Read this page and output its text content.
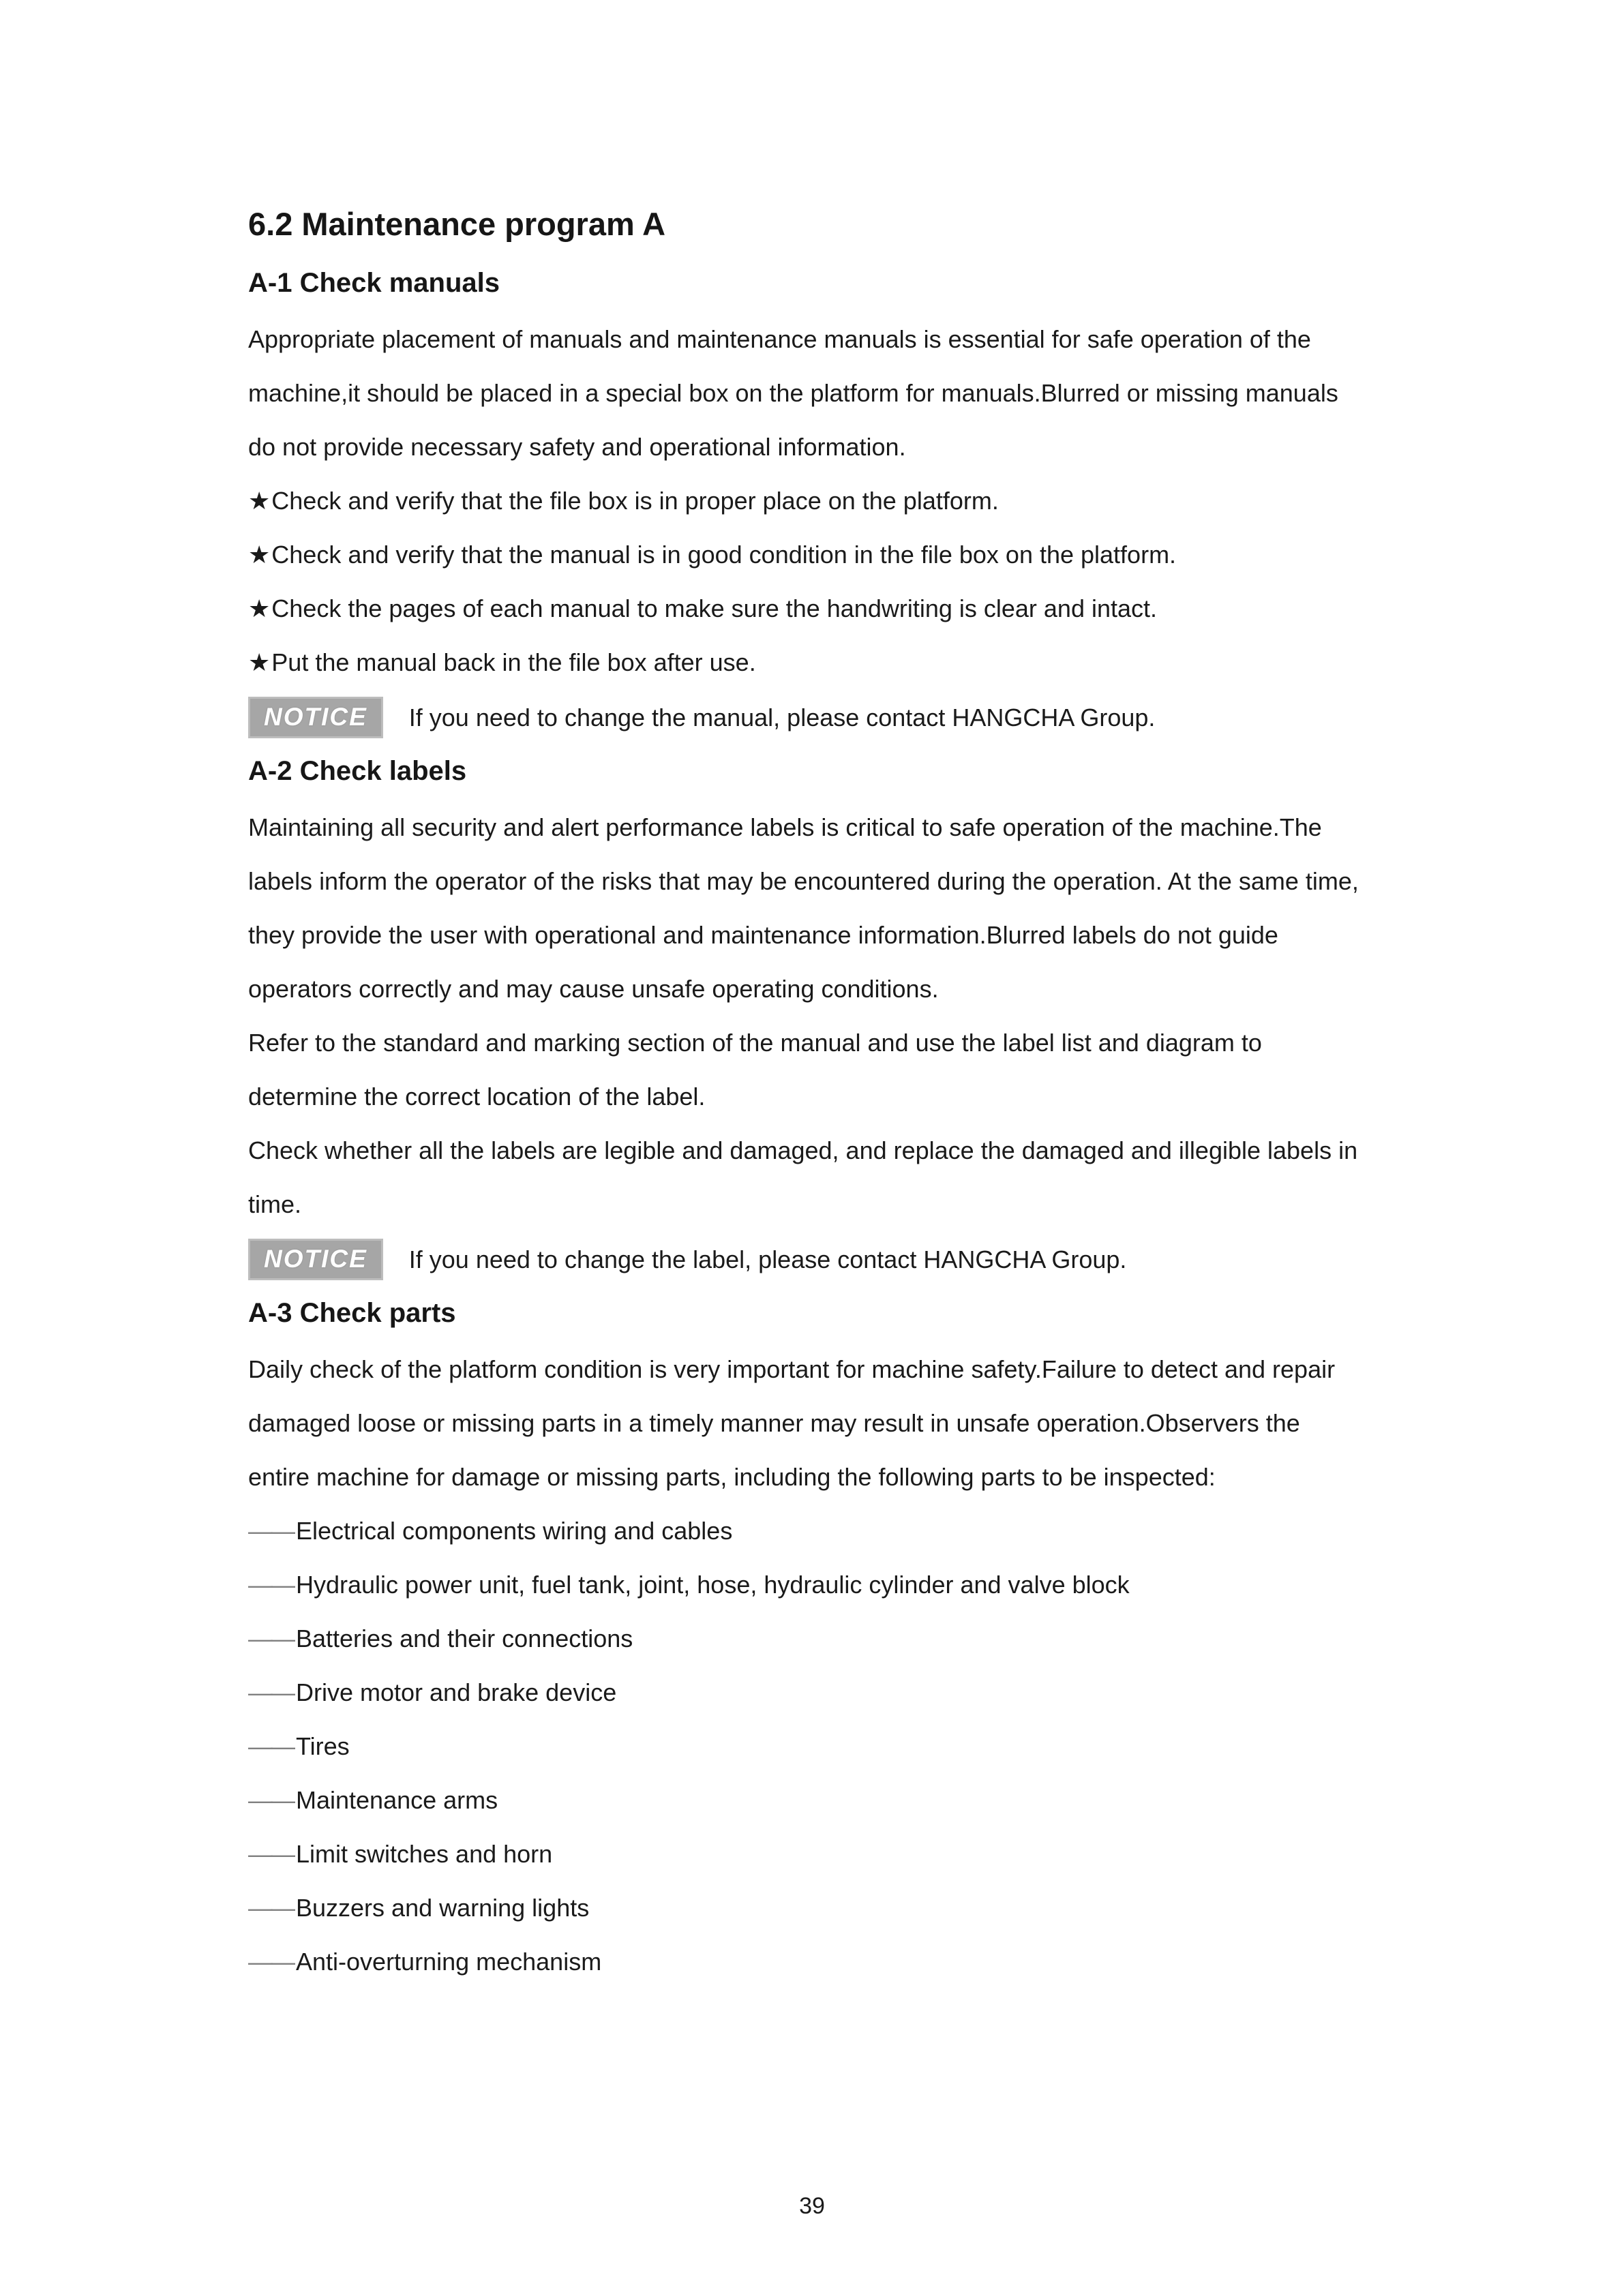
6.2 Maintenance program A
A-1 Check manuals

Appropriate placement of manuals and maintenance manuals is essential for safe operation of the machine,it should be placed in a special box on the platform for manuals.Blurred or missing manuals do not provide necessary safety and operational information.

★Check and verify that the file box is in proper place on the platform.
★Check and verify that the manual is in good condition in the file box on the platform.
★Check the pages of each manual to make sure the handwriting is clear and intact.
★Put the manual back in the file box after use.
NOTICE	If you need to change the manual, please contact HANGCHA Group.
A-2 Check labels

Maintaining all security and alert performance labels is critical to safe operation of the machine.The labels inform the operator of the risks that may be encountered during the operation. At the same time, they provide the user with operational and maintenance information.Blurred labels do not guide operators correctly and may cause unsafe operating conditions.

Refer to the standard and marking section of the manual and use the label list and diagram to determine the correct location of the label.

Check whether all the labels are legible and damaged, and replace the damaged and illegible labels in time.

NOTICE	If you need to change the label, please contact HANGCHA Group.
A-3 Check parts

Daily check of the platform condition is very important for machine safety.Failure to detect and repair damaged loose or missing parts in a timely manner may result in unsafe operation.Observers the entire machine for damage or missing parts, including the following parts to be inspected:

—— Electrical components wiring and cables
—— Hydraulic power unit, fuel tank, joint, hose, hydraulic cylinder and valve block
—— Batteries and their connections
—— Drive motor and brake device
—— Tires
—— Maintenance arms
—— Limit switches and horn
—— Buzzers and warning lights
—— Anti-overturning mechanism
39
